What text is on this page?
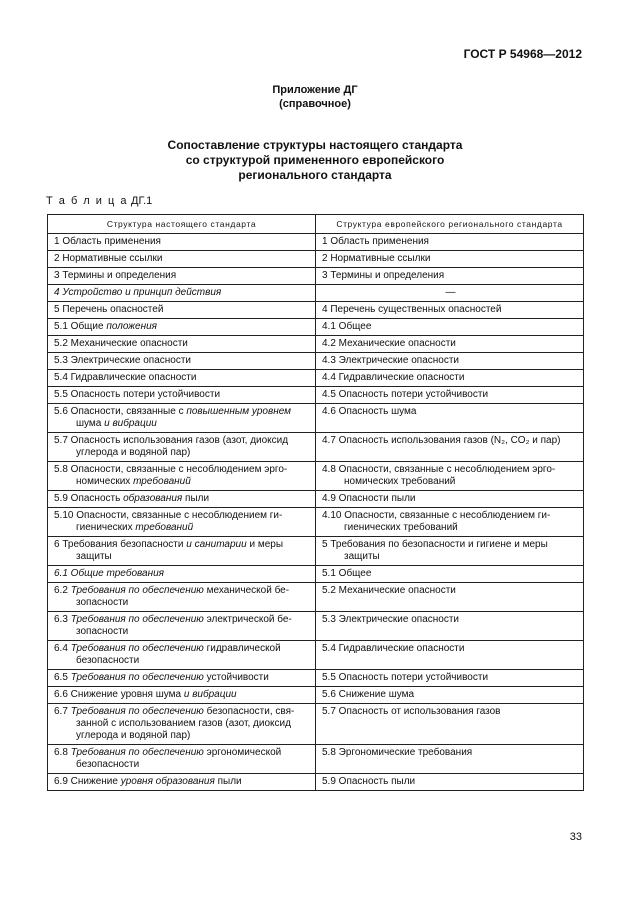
ГОСТ Р 54968—2012
Приложение ДГ
(справочное)
Сопоставление структуры настоящего стандарта
со структурой примененного европейского
регионального стандарта
Т а б л и ц а ДГ.1
Структура настоящего стандарта	Структура европейского регионального стандарта
1 Область применения	1 Область применения
2 Нормативные ссылки	2 Нормативные ссылки
3 Термины и определения	3 Термины и определения
4 Устройство и принцип действия	—
5 Перечень опасностей	4 Перечень существенных опасностей
5.1 Общие положения	4.1 Общее
5.2 Механические опасности	4.2 Механические опасности
5.3 Электрические опасности	4.3 Электрические опасности
5.4 Гидравлические опасности	4.4 Гидравлические опасности
5.5 Опасность потери устойчивости	4.5 Опасность потери устойчивости
5.6 Опасности, связанные с повышенным уровнем
шума и вибрации	4.6 Опасность шума
5.7 Опасность использования газов (азот, диоксид
углерода и водяной пар)	4.7 Опасность использования газов (N₂, CO₂ и пар)
5.8 Опасности, связанные с несоблюдением эрго-
номических требований	4.8 Опасности, связанные с несоблюдением эрго-
номических требований

5.9 Опасность образования пыли	4.9 Опасности пыли
5.10 Опасности, связанные с несоблюдением ги-
гиенических требований	4.10 Опасности, связанные с несоблюдением ги-
гиенических требований

6 Требования безопасности и санитарии и меры
защиты	5 Требования по безопасности и гигиене и меры
защиты

6.1 Общие требования	5.1 Общее
6.2 Требования по обеспечению механической бе-
зопасности	5.2 Механические опасности
6.3 Требования по обеспечению электрической бе-
зопасности	5.3 Электрические опасности
6.4 Требования по обеспечению гидравлической
безопасности	5.4 Гидравлические опасности
6.5 Требования по обеспечению устойчивости	5.5 Опасность потери устойчивости
6.6 Снижение уровня шума и вибрации	5.6 Снижение шума
6.7 Требования по обеспечению безопасности, свя-
занной с использованием газов (азот, диоксид
углерода и водяной пар)	5.7 Опасность от использования газов
6.8 Требования по обеспечению эргономической
безопасности	5.8 Эргономические требования
6.9 Снижение уровня образования пыли	5.9 Опасность пыли
33
